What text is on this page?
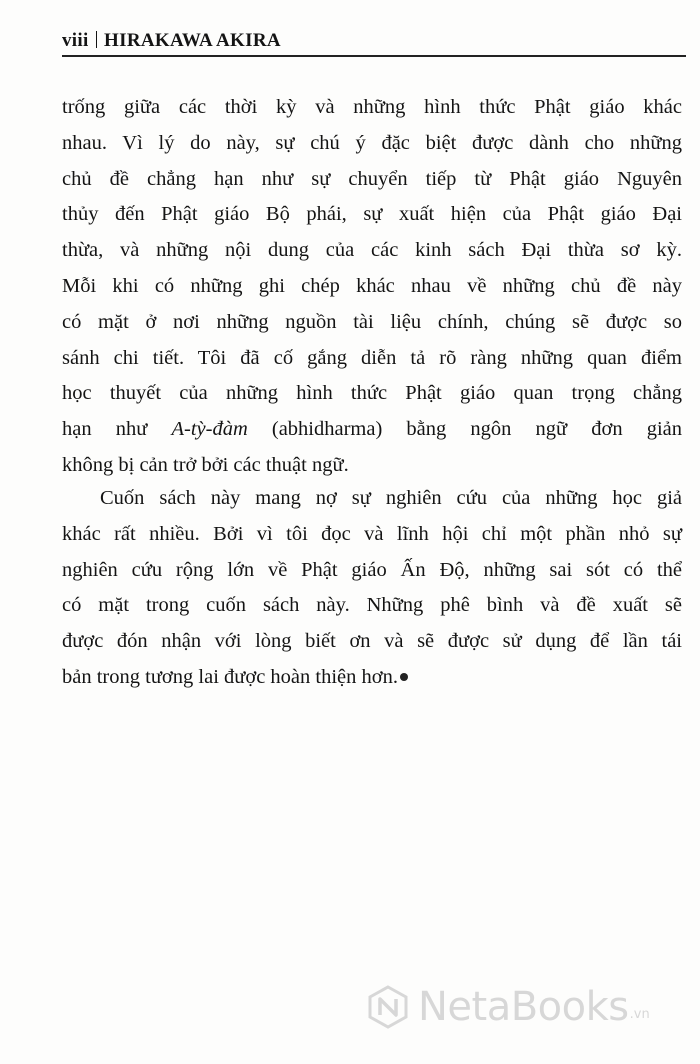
viii HIRAKAWA AKIRA
trống giữa các thời kỳ và những hình thức Phật giáo khác
nhau. Vì lý do này, sự chú ý đặc biệt được dành cho những
chủ đề chẳng hạn như sự chuyển tiếp từ Phật giáo Nguyên
thủy đến Phật giáo Bộ phái, sự xuất hiện của Phật giáo Đại
thừa, và những nội dung của các kinh sách Đại thừa sơ kỳ.
Mỗi khi có những ghi chép khác nhau về những chủ đề này
có mặt ở nơi những nguồn tài liệu chính, chúng sẽ được so
sánh chi tiết. Tôi đã cố gắng diễn tả rõ ràng những quan điểm
học thuyết của những hình thức Phật giáo quan trọng chẳng
hạn như A-tỳ-đàm (abhidharma) bằng ngôn ngữ đơn giản
không bị cản trở bởi các thuật ngữ.
Cuốn sách này mang nợ sự nghiên cứu của những học giả
khác rất nhiều. Bởi vì tôi đọc và lĩnh hội chỉ một phần nhỏ sự
nghiên cứu rộng lớn về Phật giáo Ấn Độ, những sai sót có thể
có mặt trong cuốn sách này. Những phê bình và đề xuất sẽ
được đón nhận với lòng biết ơn và sẽ được sử dụng để lần tái
bản trong tương lai được hoàn thiện hơn.
NetaBooks .vn
